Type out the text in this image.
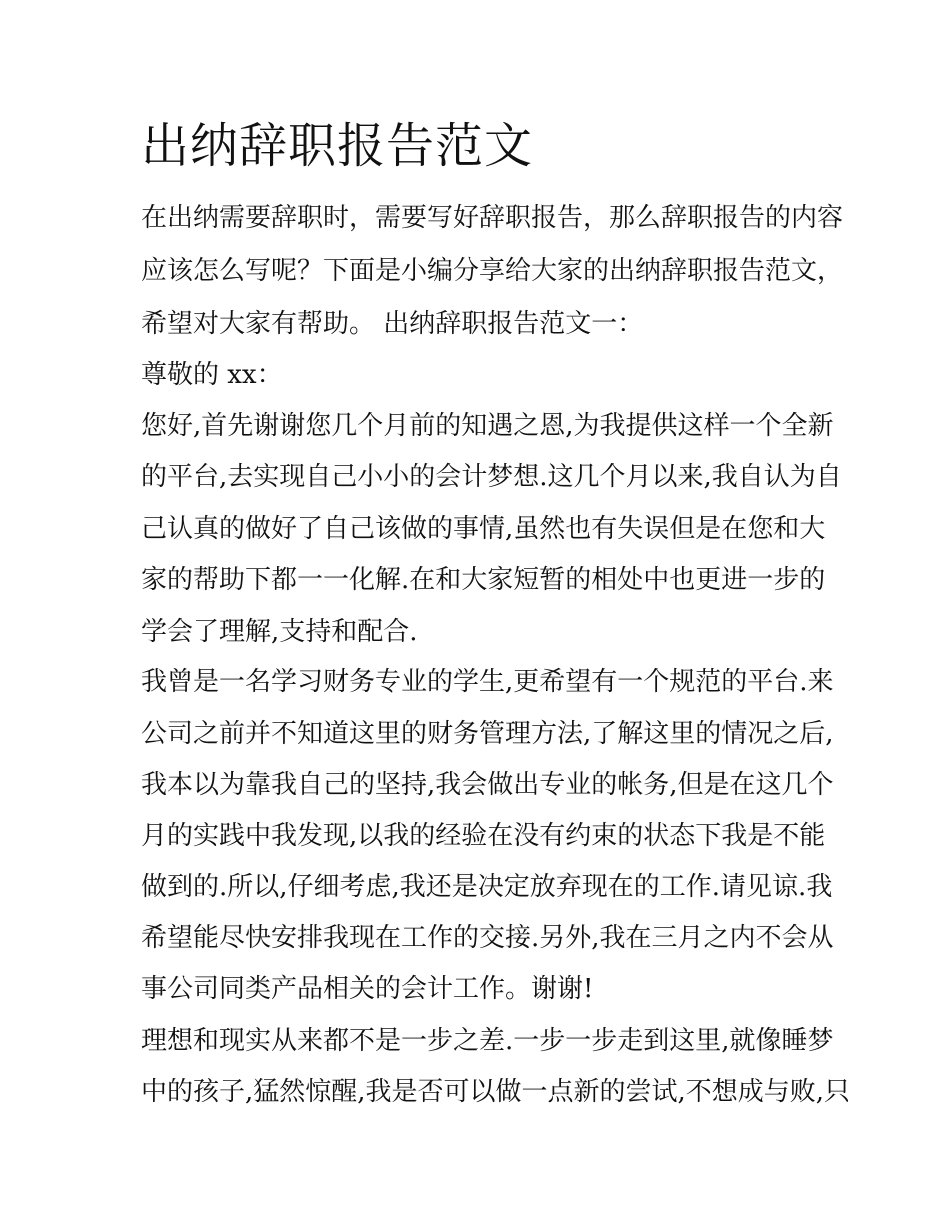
出纳辞职报告范文

在出纳需要辞职时，需要写好辞职报告，那么辞职报告的内容

应该怎么写呢？下面是小编分享给大家的出纳辞职报告范文，

希望对大家有帮助。 出纳辞职报告范文一：

尊敬的 xx：

您好,首先谢谢您几个月前的知遇之恩,为我提供这样一个全新

的平台,去实现自己小小的会计梦想.这几个月以来,我自认为自

己认真的做好了自己该做的事情,虽然也有失误但是在您和大

家的帮助下都一一化解.在和大家短暂的相处中也更进一步的

学会了理解,支持和配合.

我曾是一名学习财务专业的学生,更希望有一个规范的平台.来

公司之前并不知道这里的财务管理方法,了解这里的情况之后,

我本以为靠我自己的坚持,我会做出专业的帐务,但是在这几个

月的实践中我发现,以我的经验在没有约束的状态下我是不能

做到的.所以,仔细考虑,我还是决定放弃现在的工作.请见谅.我

希望能尽快安排我现在工作的交接.另外,我在三月之内不会从

事公司同类产品相关的会计工作。谢谢!

理想和现实从来都不是一步之差.一步一步走到这里,就像睡梦

中的孩子,猛然惊醒,我是否可以做一点新的尝试,不想成与败,只
